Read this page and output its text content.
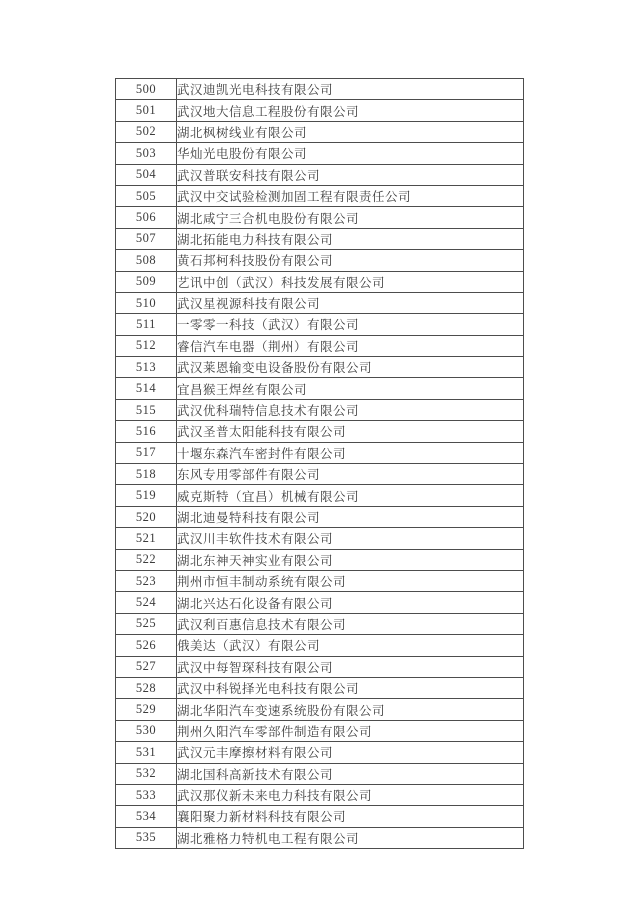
500	武汉迪凯光电科技有限公司
501	武汉地大信息工程股份有限公司
502	湖北枫树线业有限公司
503	华灿光电股份有限公司
504	武汉普联安科技有限公司
505	武汉中交试验检测加固工程有限责任公司
506	湖北咸宁三合机电股份有限公司
507	湖北拓能电力科技有限公司
508	黄石邦柯科技股份有限公司
509	艺讯中创（武汉）科技发展有限公司
510	武汉星视源科技有限公司
511	一零零一科技（武汉）有限公司
512	睿信汽车电器（荆州）有限公司
513	武汉莱恩输变电设备股份有限公司
514	宜昌猴王焊丝有限公司
515	武汉优科瑞特信息技术有限公司
516	武汉圣普太阳能科技有限公司
517	十堰东森汽车密封件有限公司
518	东风专用零部件有限公司
519	威克斯特（宜昌）机械有限公司
520	湖北迪曼特科技有限公司
521	武汉川丰软件技术有限公司
522	湖北东神天神实业有限公司
523	荆州市恒丰制动系统有限公司
524	湖北兴达石化设备有限公司
525	武汉利百惠信息技术有限公司
526	俄美达（武汉）有限公司
527	武汉中每智琛科技有限公司
528	武汉中科锐择光电科技有限公司
529	湖北华阳汽车变速系统股份有限公司
530	荆州久阳汽车零部件制造有限公司
531	武汉元丰摩擦材料有限公司
532	湖北国科高新技术有限公司
533	武汉那仪新未来电力科技有限公司
534	襄阳聚力新材料科技有限公司
535	湖北雅格力特机电工程有限公司
